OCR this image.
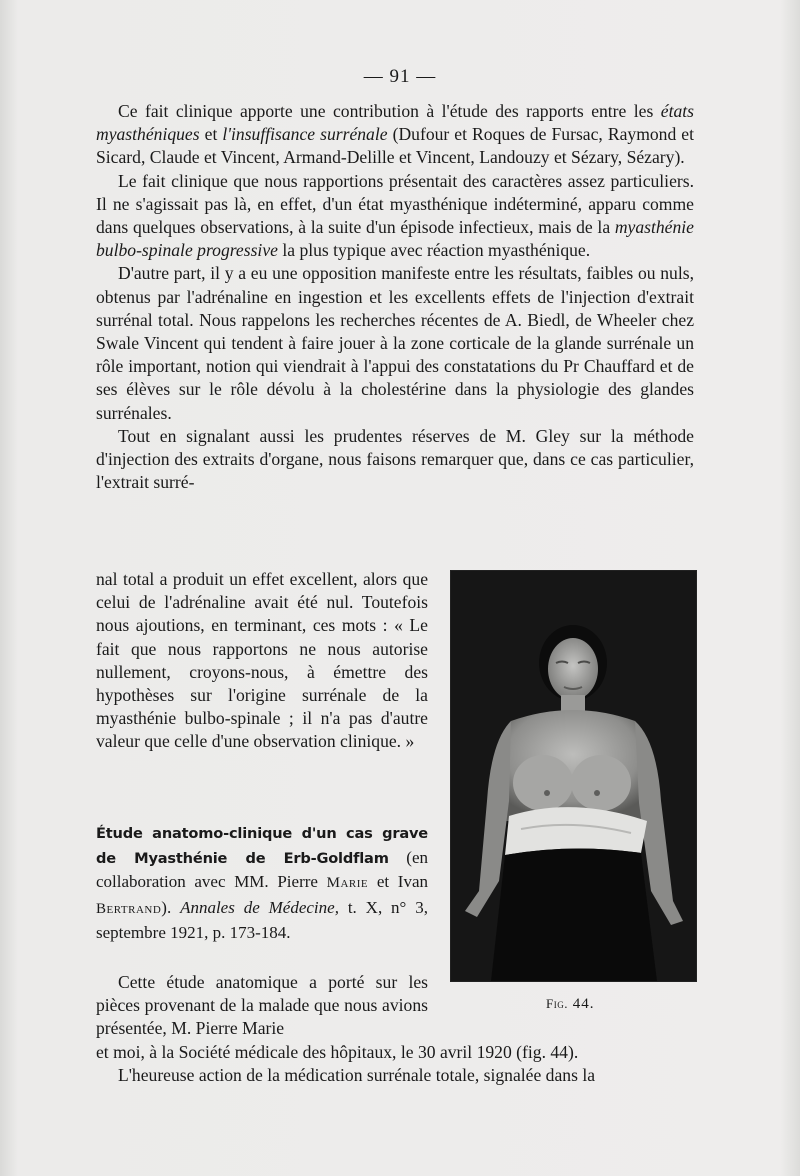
— 91 —

Ce fait clinique apporte une contribution à l'étude des rapports entre les états myasthéniques et l'insuffisance surrénale (Dufour et Roques de Fursac, Raymond et Sicard, Claude et Vincent, Armand-Delille et Vincent, Landouzy et Sézary, Sézary).

Le fait clinique que nous rapportions présentait des caractères assez particuliers. Il ne s'agissait pas là, en effet, d'un état myasthénique indéterminé, apparu comme dans quelques observations, à la suite d'un épisode infectieux, mais de la myasthénie bulbo-spinale progressive la plus typique avec réaction myasthénique.

D'autre part, il y a eu une opposition manifeste entre les résultats, faibles ou nuls, obtenus par l'adrénaline en ingestion et les excellents effets de l'injection d'extrait surrénal total. Nous rappelons les recherches récentes de A. Biedl, de Wheeler chez Swale Vincent qui tendent à faire jouer à la zone corticale de la glande surrénale un rôle important, notion qui viendrait à l'appui des constatations du Pr Chauffard et de ses élèves sur le rôle dévolu à la cholestérine dans la physiologie des glandes surrénales.

Tout en signalant aussi les prudentes réserves de M. Gley sur la méthode d'injection des extraits d'organe, nous faisons remarquer que, dans ce cas particulier, l'extrait surré-

nal total a produit un effet excellent, alors que celui de l'adrénaline avait été nul. Toutefois nous ajoutions, en terminant, ces mots : « Le fait que nous rapportons ne nous autorise nullement, croyons-nous, à émettre des hypothèses sur l'origine surrénale de la myasthénie bulbo-spinale ; il n'a pas d'autre valeur que celle d'une observation clinique. »

Étude anatomo-clinique d'un cas grave de Myasthénie de Erb-Goldflam (en collaboration avec MM. Pierre Marie et Ivan Bertrand). Annales de Médecine, t. X, n° 3, septembre 1921, p. 173-184.

Cette étude anatomique a porté sur les pièces provenant de la malade que nous avions présentée, M. Pierre Marie

et moi, à la Société médicale des hôpitaux, le 30 avril 1920 (fig. 44).

L'heureuse action de la médication surrénale totale, signalée dans la

Fig. 44.
